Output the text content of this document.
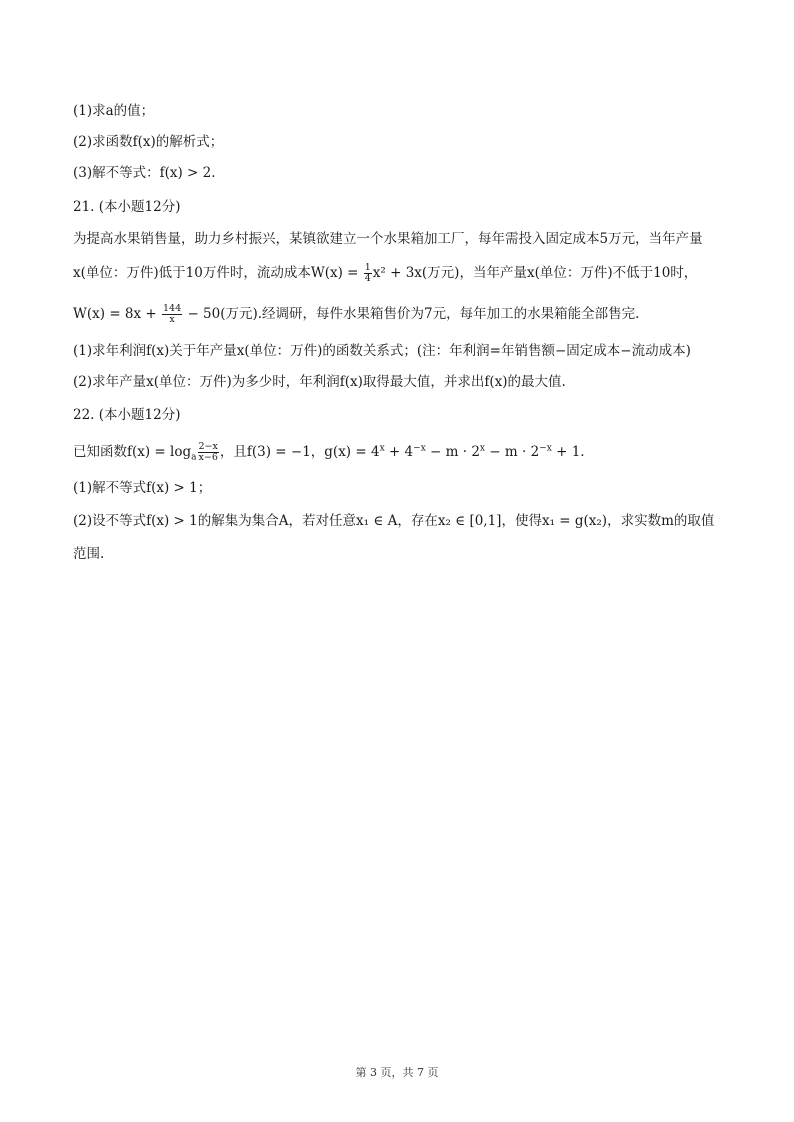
(1)求a的值；
(2)求函数f(x)的解析式；
(3)解不等式：f(x) > 2.
21. (本小题12分)
为提高水果销售量，助力乡村振兴，某镇欲建立一个水果箱加工厂，每年需投入固定成本5万元，当年产量
x(单位：万件)低于10万件时，流动成本$W(x) = \frac{1}{4} x^2 + 3x$(万元)，当年产量x(单位：万件)不低于10时，
$W(x) = 8x + \frac{144}{x} - 50$(万元).经调研，每件水果箱售价为7元，每年加工的水果箱能全部售完.
(1)求年利润f(x)关于年产量x(单位：万件)的函数关系式；(注：年利润=年销售额−固定成本−流动成本)
(2)求年产量x(单位：万件)为多少时，年利润f(x)取得最大值，并求出f(x)的最大值.
22. (本小题12分)
已知函数$f(x) = \log_a \frac{2-x}{x-6}$ ，且f(3) = −1，$g(x) = 4^x + 4^{-x} - m \cdot 2^x - m \cdot 2^{-x} + 1$.
(1)解不等式f(x) > 1；
(2)设不等式f(x) > 1的解集为集合A，若对任意x₁ ∈ A，存在x₂ ∈ [0,1]，使得x₁ = g(x₂)，求实数m的取值
范围.
第 3 页，共 7 页
